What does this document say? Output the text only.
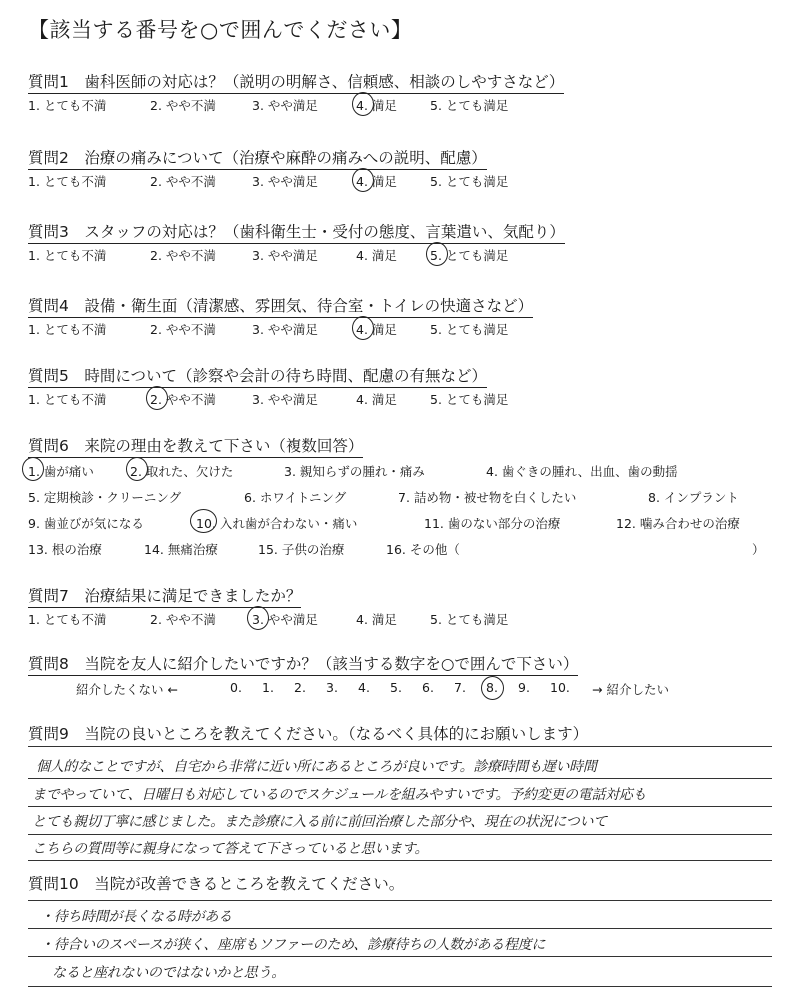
【該当する番号を○で囲んでください】
質問1　歯科医師の対応は？（説明の明解さ、信頼感、相談のしやすさなど）
1. とても不満	2. やや不満	3. やや満足	4. 満足	5. とても満足
質問2　治療の痛みについて（治療や麻酔の痛みへの説明、配慮）
1. とても不満	2. やや不満	3. やや満足	4. 満足	5. とても満足
質問3　スタッフの対応は？（歯科衛生士・受付の態度、言葉遣い、気配り）
1. とても不満	2. やや不満	3. やや満足	4. 満足	5. とても満足
質問4　設備・衛生面（清潔感、雰囲気、待合室・トイレの快適さなど）
1. とても不満	2. やや不満	3. やや満足	4. 満足	5. とても満足
質問5　時間について（診察や会計の待ち時間、配慮の有無など）
1. とても不満	2. やや不満	3. やや満足	4. 満足	5. とても満足
質問6　来院の理由を教えて下さい（複数回答）
1. 歯が痛い	2. 取れた、欠けた	3. 親知らずの腫れ・痛み	4. 歯ぐきの腫れ、出血、歯の動揺
5. 定期検診・クリーニング	6. ホワイトニング	7. 詰め物・被せ物を白くしたい	8. インプラント
9. 歯並びが気になる	10. 入れ歯が合わない・痛い	11. 歯のない部分の治療	12. 噛み合わせの治療
13. 根の治療	14. 無痛治療	15. 子供の治療	16. その他（	）
質問7　治療結果に満足できましたか？
1. とても不満	2. やや不満	3. やや満足	4. 満足	5. とても満足
質問8　当院を友人に紹介したいですか？（該当する数字を○で囲んで下さい）
紹介したくない ←	0. 1. 2. 3. 4. 5. 6. 7. 8. 9. 10. → 紹介したい
質問9　当院の良いところを教えてください。（なるべく具体的にお願いします）
個人的なことですが、自宅から非常に近い所にあるところが良いです。診療時間も遅い時間
までやっていて、日曜日も対応しているのでスケジュールを組みやすいです。予約変更の電話対応も
とても親切丁寧に感じました。また診療に入る前に前回治療した部分や、現在の状況について
こちらの質問等に親身になって答えて下さっていると思います。
質問10　当院が改善できるところを教えてください。
・待ち時間が長くなる時がある
・待合いのスペースが狭く、座席もソファーのため、診療待ちの人数がある程度に
なると座れないのではないかと思う。
